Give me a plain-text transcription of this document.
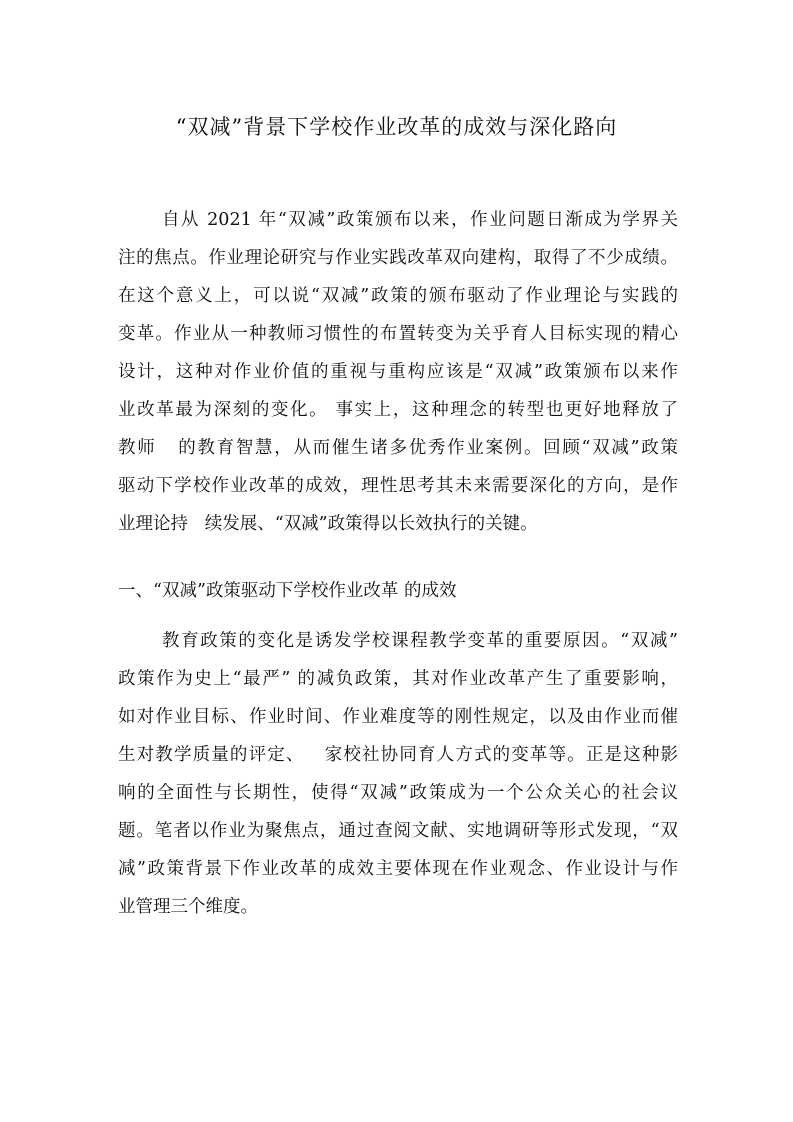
“双减”背景下学校作业改革的成效与深化路向
自从 2021 年“双减”政策颁布以来，作业问题日渐成为学界关
注的焦点。作业理论研究与作业实践改革双向建构，取得了不少成绩。
在这个意义上，可以说“双减”政策的颁布驱动了作业理论与实践的
变革。作业从一种教师习惯性的布置转变为关乎育人目标实现的精心
设计，这种对作业价值的重视与重构应该是“双减”政策颁布以来作
业改革最为深刻的变化。 事实上，这种理念的转型也更好地释放了
教师   的教育智慧，从而催生诸多优秀作业案例。回顾“双减”政策
驱动下学校作业改革的成效，理性思考其未来需要深化的方向，是作
业理论持   续发展、“双减”政策得以长效执行的关键。
一、“双减”政策驱动下学校作业改革 的成效
教育政策的变化是诱发学校课程教学变革的重要原因。“双减”
政策作为史上“最严” 的减负政策，其对作业改革产生了重要影响，
如对作业目标、作业时间、作业难度等的刚性规定，以及由作业而催
生对教学质量的评定、   家校社协同育人方式的变革等。正是这种影
响的全面性与长期性，使得“双减”政策成为一个公众关心的社会议
题。笔者以作业为聚焦点，通过查阅文献、实地调研等形式发现，“双
减”政策背景下作业改革的成效主要体现在作业观念、作业设计与作
业管理三个维度。
